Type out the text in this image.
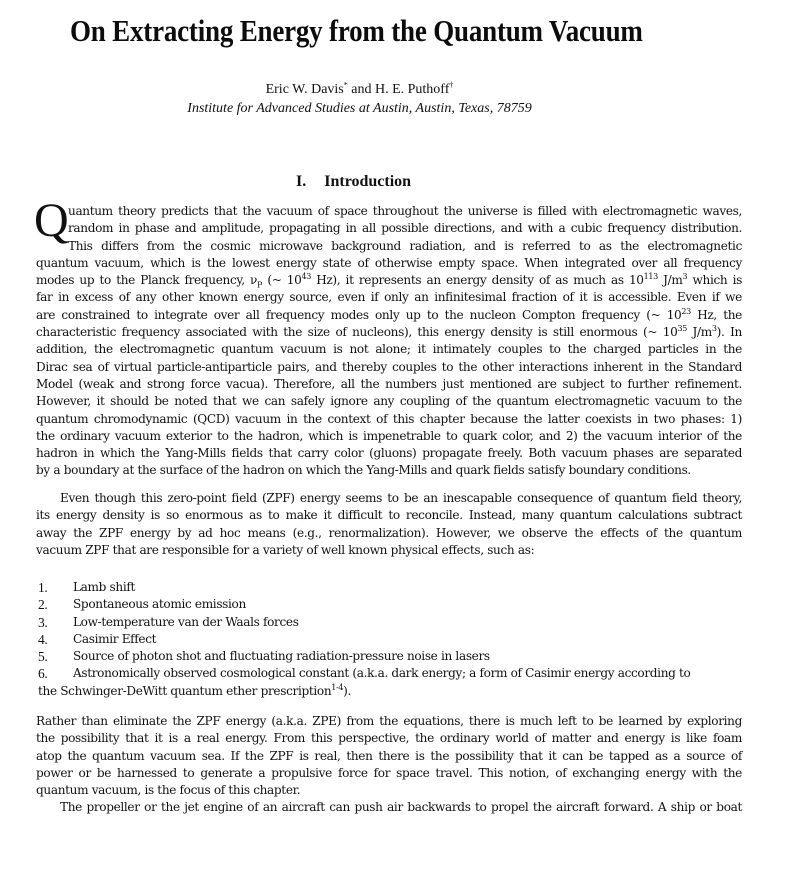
On Extracting Energy from the Quantum Vacuum
Eric W. Davis* and H. E. Puthoff†
Institute for Advanced Studies at Austin, Austin, Texas, 78759
I. Introduction
Q uantum theory predicts that the vacuum of space throughout the universe is filled with electromagnetic waves,
random in phase and amplitude, propagating in all possible directions, and with a cubic frequency distribution.
This differs from the cosmic microwave background radiation, and is referred to as the electromagnetic
quantum vacuum, which is the lowest energy state of otherwise empty space. When integrated over all frequency
modes up to the Planck frequency, $\nu_P$ (~ $10^{43}$ Hz), it represents an energy density of as much as $10^{113}$ $J/m^3$ which is
far in excess of any other known energy source, even if only an infinitesimal fraction of it is accessible. Even if we
are constrained to integrate over all frequency modes only up to the nucleon Compton frequency (~ $10^{23}$ Hz, the
characteristic frequency associated with the size of nucleons), this energy density is still enormous (~ $10^{35}$ $J/m^3$). In
addition, the electromagnetic quantum vacuum is not alone; it intimately couples to the charged particles in the
Dirac sea of virtual particle-antiparticle pairs, and thereby couples to the other interactions inherent in the Standard
Model (weak and strong force vacua). Therefore, all the numbers just mentioned are subject to further refinement.
However, it should be noted that we can safely ignore any coupling of the quantum electromagnetic vacuum to the
quantum chromodynamic (QCD) vacuum in the context of this chapter because the latter coexists in two phases: 1)
the ordinary vacuum exterior to the hadron, which is impenetrable to quark color, and 2) the vacuum interior of the
hadron in which the Yang-Mills fields that carry color (gluons) propagate freely. Both vacuum phases are separated
by a boundary at the surface of the hadron on which the Yang-Mills and quark fields satisfy boundary conditions.
Even though this zero-point field (ZPF) energy seems to be an inescapable consequence of quantum field theory,
its energy density is so enormous as to make it difficult to reconcile. Instead, many quantum calculations subtract
away the ZPF energy by ad hoc means (e.g., renormalization). However, we observe the effects of the quantum
vacuum ZPF that are responsible for a variety of well known physical effects, such as:
1.	Lamb shift
2.	Spontaneous atomic emission
3.	Low-temperature van der Waals forces
4.	Casimir Effect
5.	Source of photon shot and fluctuating radiation-pressure noise in lasers
6.	Astronomically observed cosmological constant (a.k.a. dark energy; a form of Casimir energy according to
the Schwinger-DeWitt quantum ether prescription$^{1-4}$).
Rather than eliminate the ZPF energy (a.k.a. ZPE) from the equations, there is much left to be learned by exploring
the possibility that it is a real energy. From this perspective, the ordinary world of matter and energy is like foam
atop the quantum vacuum sea. If the ZPF is real, then there is the possibility that it can be tapped as a source of
power or be harnessed to generate a propulsive force for space travel. This notion, of exchanging energy with the
quantum vacuum, is the focus of this chapter.
The propeller or the jet engine of an aircraft can push air backwards to propel the aircraft forward. A ship or boat
